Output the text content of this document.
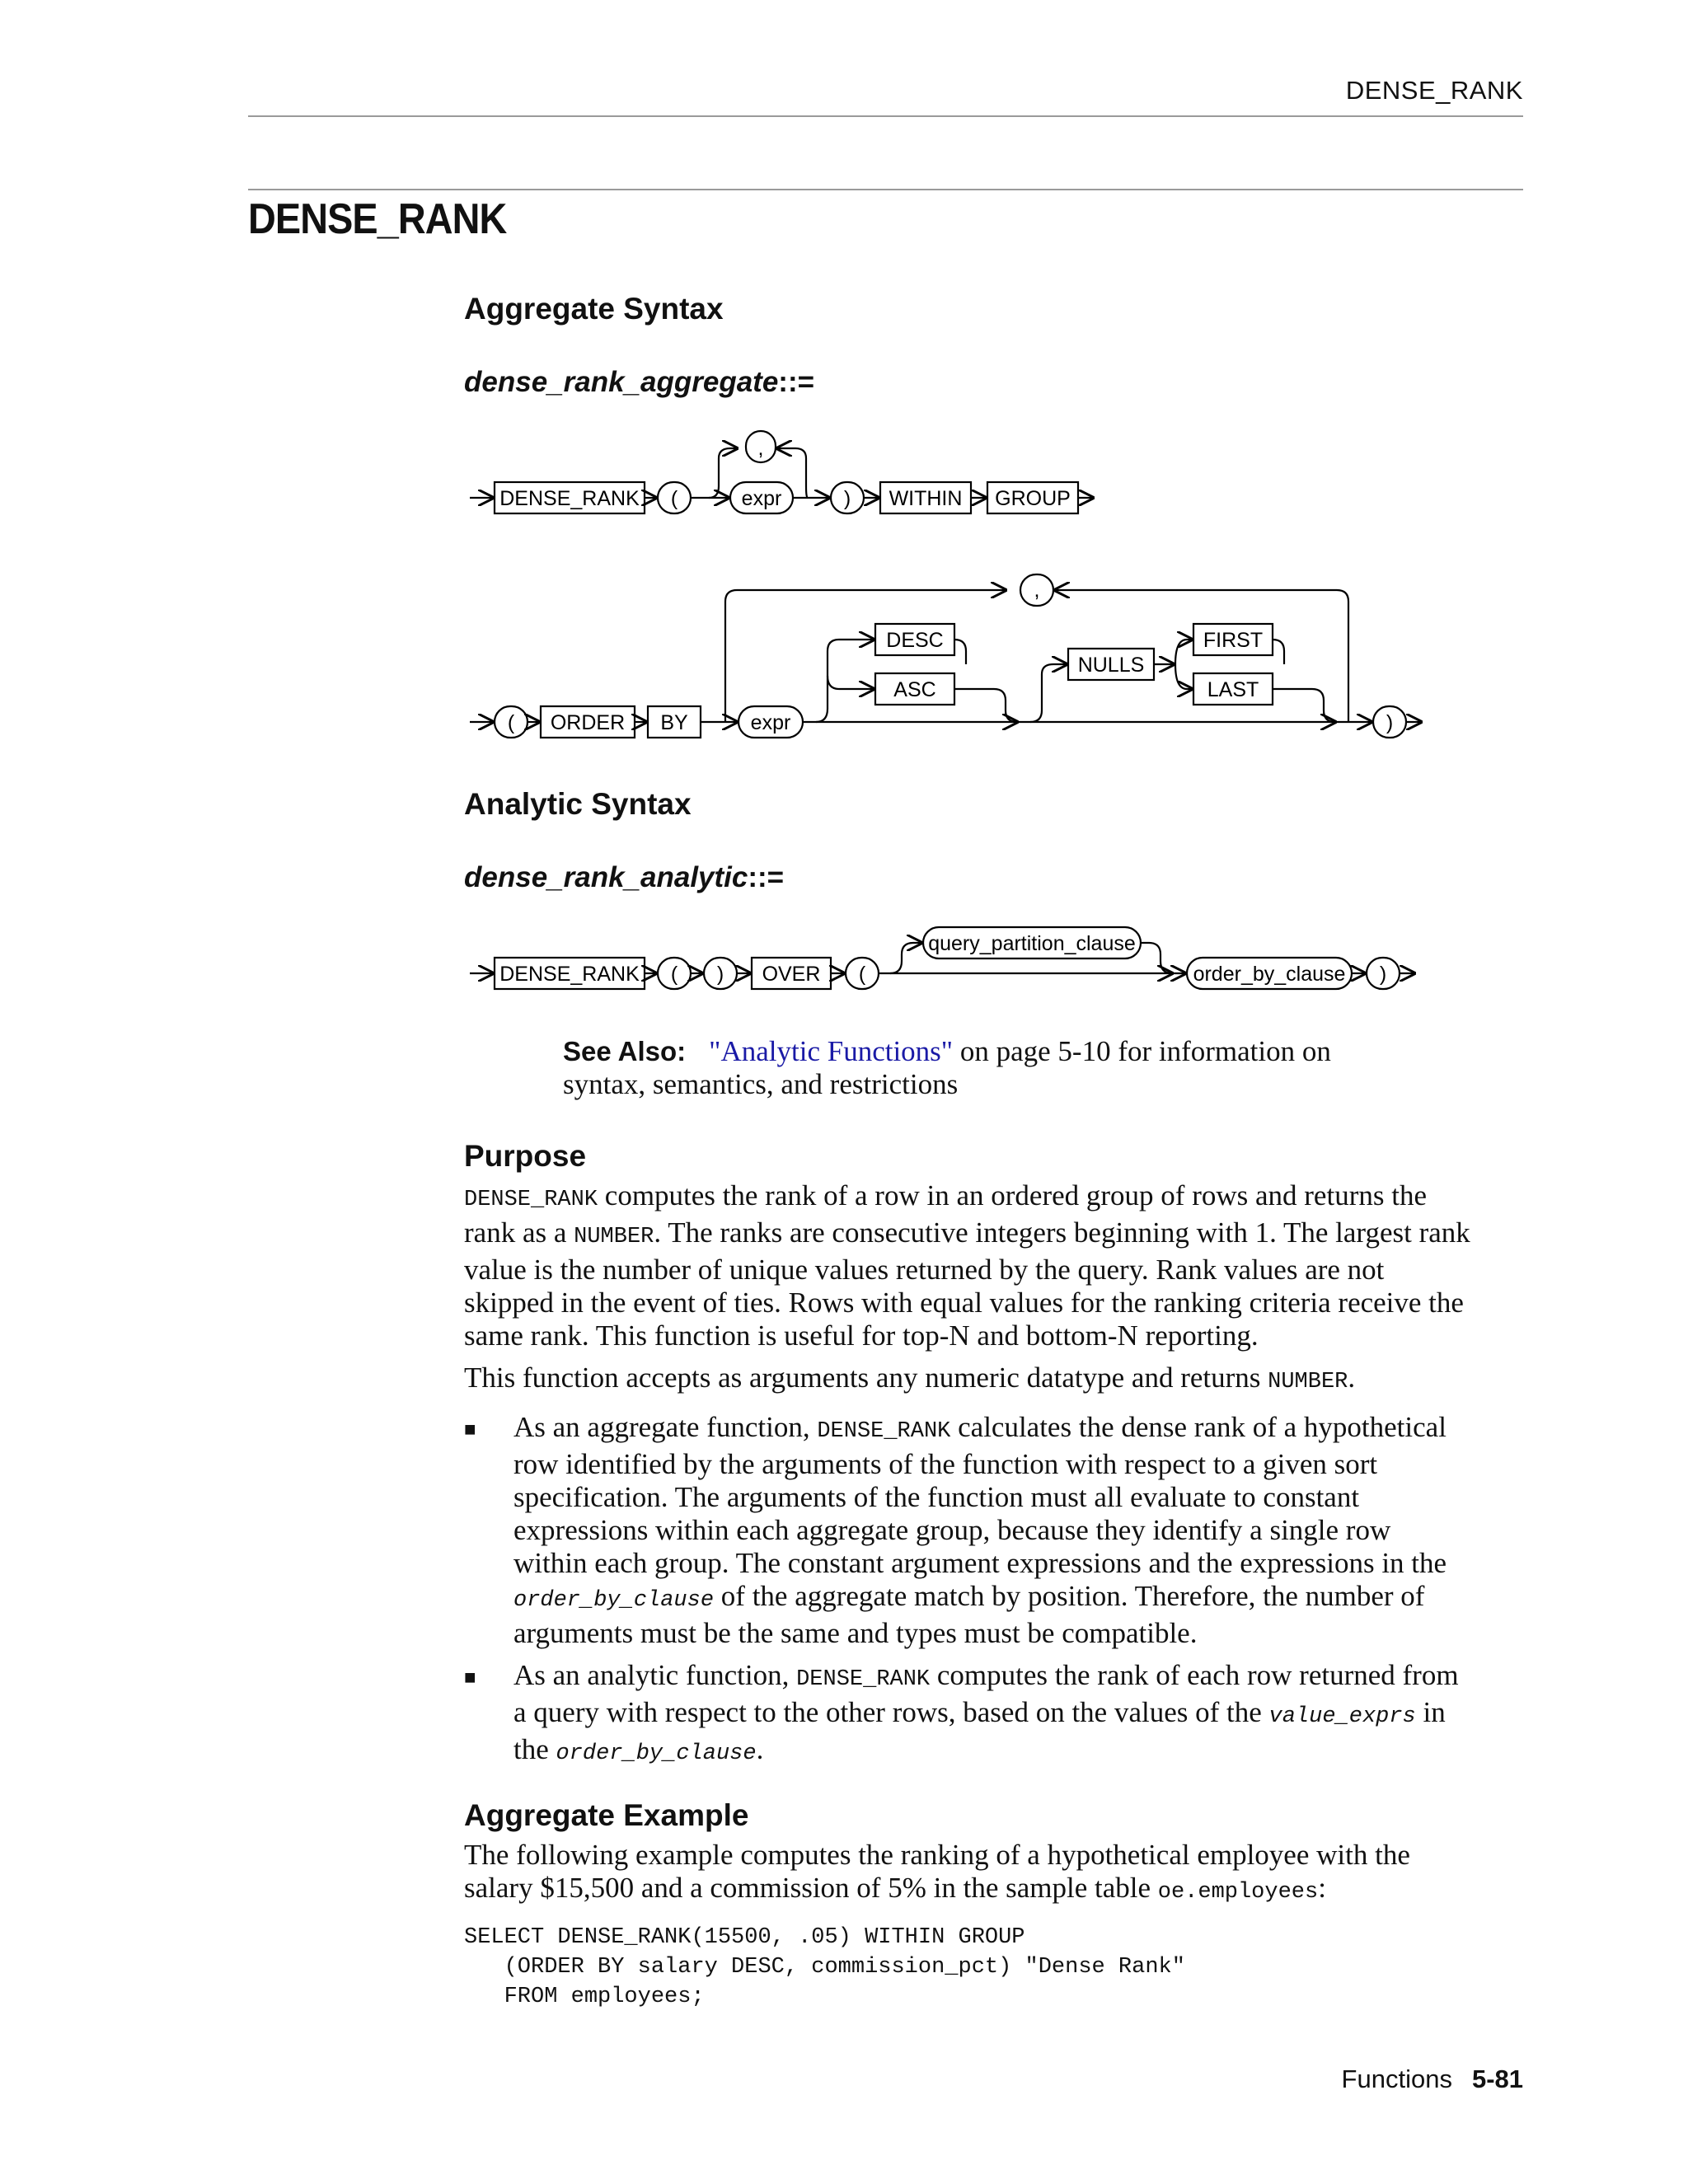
DENSE_RANK
DENSE_RANK
Aggregate Syntax
dense_rank_aggregate::=
DENSE_RANK (
,
expr	) WITHIN GROUP
( ORDER BY	expr
,
DESC
ASC
NULLS
FIRST
LAST
)
DENSE_RANK ( ) OVER (
query_partition_clause
order_by_clause )
Analytic Syntax
dense_rank_analytic::=
See Also: "Analytic Functions" on page 5-10 for information on
syntax, semantics, and restrictions
Purpose
DENSE_RANK computes the rank of a row in an ordered group of rows and returns the
rank as a NUMBER. The ranks are consecutive integers beginning with 1. The largest rank
value is the number of unique values returned by the query. Rank values are not
skipped in the event of ties. Rows with equal values for the ranking criteria receive the
same rank. This function is useful for top-N and bottom-N reporting.
This function accepts as arguments any numeric datatype and returns NUMBER.
■ As an aggregate function, DENSE_RANK calculates the dense rank of a hypothetical
row identified by the arguments of the function with respect to a given sort
specification. The arguments of the function must all evaluate to constant
expressions within each aggregate group, because they identify a single row
within each group. The constant argument expressions and the expressions in the
order_by_clause of the aggregate match by position. Therefore, the number of
arguments must be the same and types must be compatible.
■ As an analytic function, DENSE_RANK computes the rank of each row returned from
a query with respect to the other rows, based on the values of the value_exprs in
the order_by_clause.
Aggregate Example
The following example computes the ranking of a hypothetical employee with the
salary $15,500 and a commission of 5% in the sample table oe.employees:
SELECT DENSE_RANK(15500, .05) WITHIN GROUP
(ORDER BY salary DESC, commission_pct) "Dense Rank"
FROM employees;
Functions 5-81
